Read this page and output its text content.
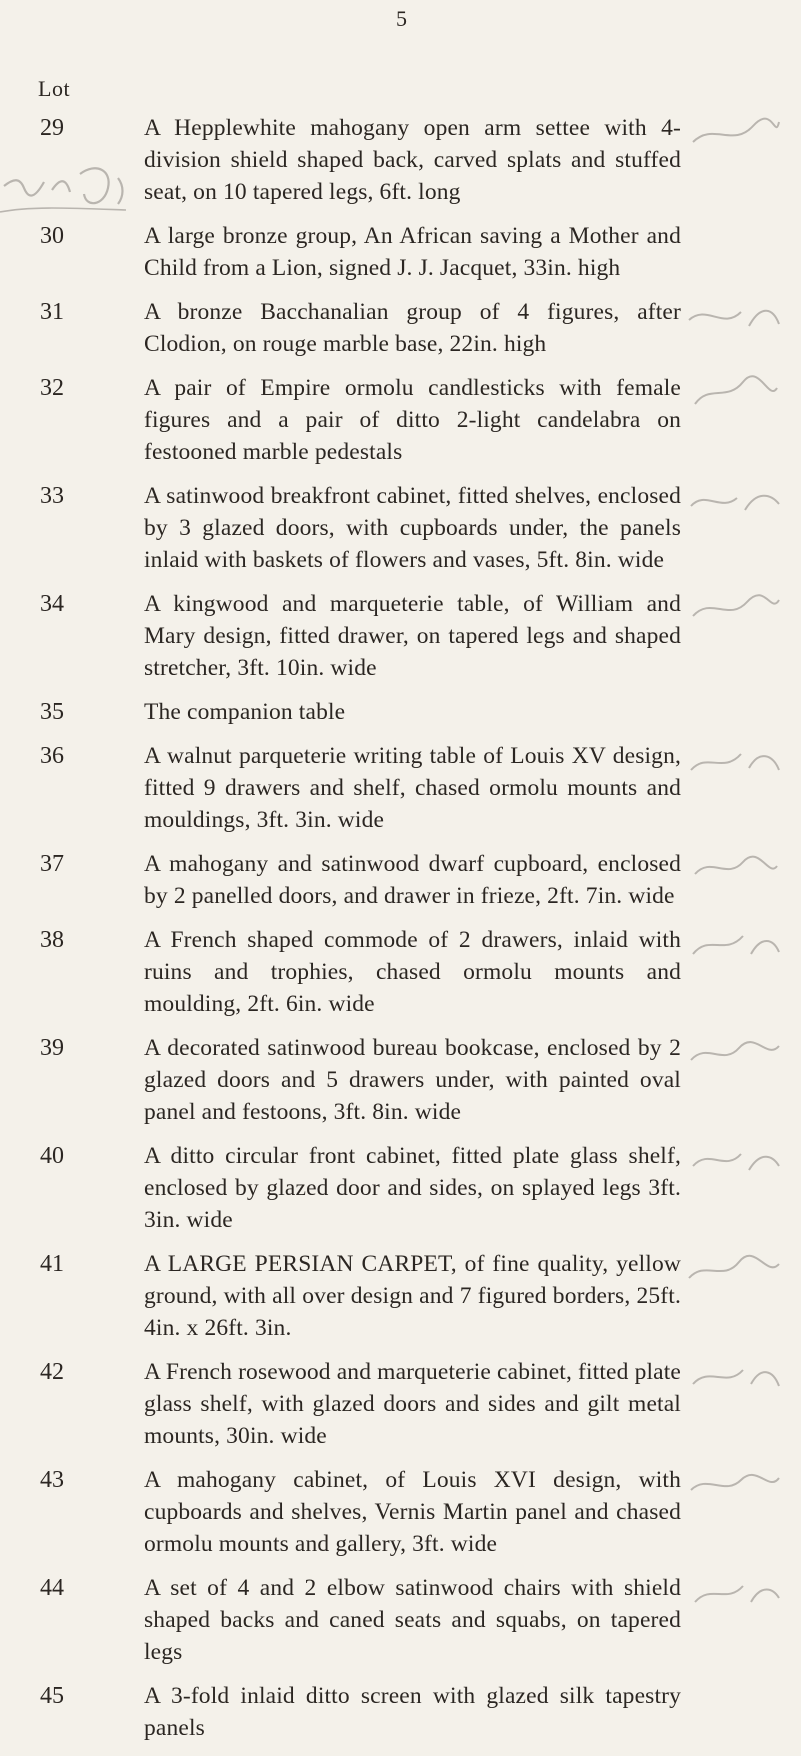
5
Lot
29	A Hepplewhite mahogany open arm settee with 4-division shield shaped back, carved splats and stuffed seat, on 10 tapered legs, 6ft. long
30	A large bronze group, An African saving a Mother and Child from a Lion, signed J. J. Jacquet, 33in. high
31	A bronze Bacchanalian group of 4 figures, after Clodion, on rouge marble base, 22in. high
32	A pair of Empire ormolu candlesticks with female figures and a pair of ditto 2-light candelabra on festooned marble pedestals
33	A satinwood breakfront cabinet, fitted shelves, enclosed by 3 glazed doors, with cupboards under, the panels inlaid with baskets of flowers and vases, 5ft. 8in. wide
34	A kingwood and marqueterie table, of William and Mary design, fitted drawer, on tapered legs and shaped stretcher, 3ft. 10in. wide
35	The companion table
36	A walnut parqueterie writing table of Louis XV design, fitted 9 drawers and shelf, chased ormolu mounts and mouldings, 3ft. 3in. wide
37	A mahogany and satinwood dwarf cupboard, enclosed by 2 panelled doors, and drawer in frieze, 2ft. 7in. wide
38	A French shaped commode of 2 drawers, inlaid with ruins and trophies, chased ormolu mounts and moulding, 2ft. 6in. wide
39	A decorated satinwood bureau bookcase, enclosed by 2 glazed doors and 5 drawers under, with painted oval panel and festoons, 3ft. 8in. wide
40	A ditto circular front cabinet, fitted plate glass shelf, enclosed by glazed door and sides, on splayed legs 3ft. 3in. wide
41	A LARGE PERSIAN CARPET, of fine quality, yellow ground, with all over design and 7 figured borders, 25ft. 4in. x 26ft. 3in.
42	A French rosewood and marqueterie cabinet, fitted plate glass shelf, with glazed doors and sides and gilt metal mounts, 30in. wide
43	A mahogany cabinet, of Louis XVI design, with cupboards and shelves, Vernis Martin panel and chased ormolu mounts and gallery, 3ft. wide
44	A set of 4 and 2 elbow satinwood chairs with shield shaped backs and caned seats and squabs, on tapered legs
45	A 3-fold inlaid ditto screen with glazed silk tapestry panels
